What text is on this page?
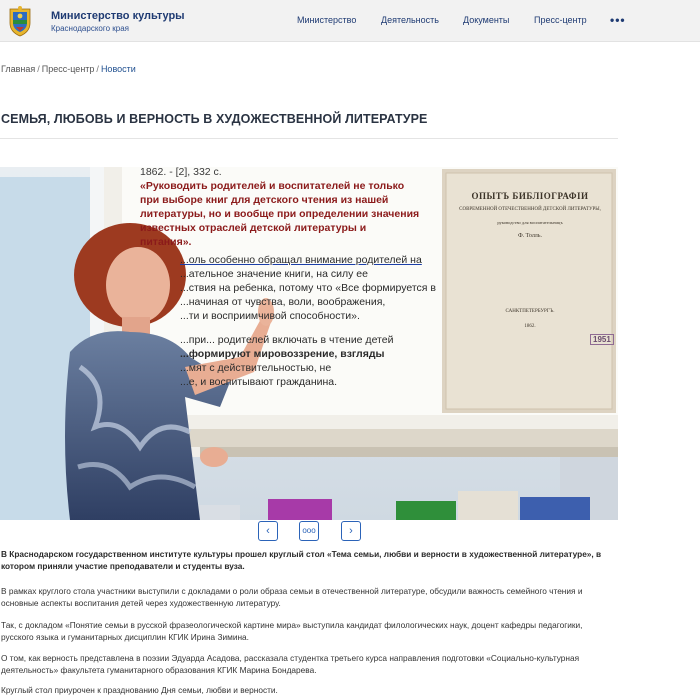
Министерство культуры
Краснодарского края
Министерство	Деятельность	Документы	Пресс-центр •••
Главная / Пресс-центр / Новости
СЕМЬЯ, ЛЮБОВЬ И ВЕРНОСТЬ В ХУДОЖЕСТВЕННОЙ ЛИТЕРАТУРЕ
1862. - [2], 332 с.
«Руководить родителей и воспитателей не только
при выборе книг для детского чтения из нашей
литературы, но и вообще при определении значения
известных отраслей детской литературы и
питания».
...оль особенно обращал внимание родителей на
...ательное значение книги, на силу ее
...ствия на ребенка, потому что «Все формируется в
...начиная от чувства, воли, воображения,
...ти и восприимчивой способности».
...при... родителей включать в чтение детей
...формируют мировоззрение, взгляды
...мят с действительностью, не
...е, и воспитывают гражданина.
ОПЫТЪ БИБЛІОГРАФІИ
СОВРЕМЕННОЙ ОТЕЧЕСТВЕННОЙ ДЕТСКОЙ ЛИТЕРАТУРЫ,
руководство для воспитательницъ
Ф. Толль.
САНКТПЕТЕРБУРГЪ.
1862.
1951
‹	ooo	›
В Краснодарском государственном институте культуры прошел круглый стол «Тема семьи, любви и верности в художественной литературе», в котором приняли участие преподаватели и студенты вуза.
В рамках круглого стола участники выступили с докладами о роли образа семьи в отечественной литературе, обсудили важность семейного чтения и основные аспекты воспитания детей через художественную литературу.
Так, с докладом «Понятие семьи в русской фразеологической картине мира» выступила кандидат филологических наук, доцент кафедры педагогики, русского языка и гуманитарных дисциплин КГИК Ирина Зимина.
О том, как верность представлена в поэзии Эдуарда Асадова, рассказала студентка третьего курса направления подготовки «Социально-культурная деятельность» факультета гуманитарного образования КГИК Марина Бондарева.
Круглый стол приурочен к празднованию Дня семьи, любви и верности.
